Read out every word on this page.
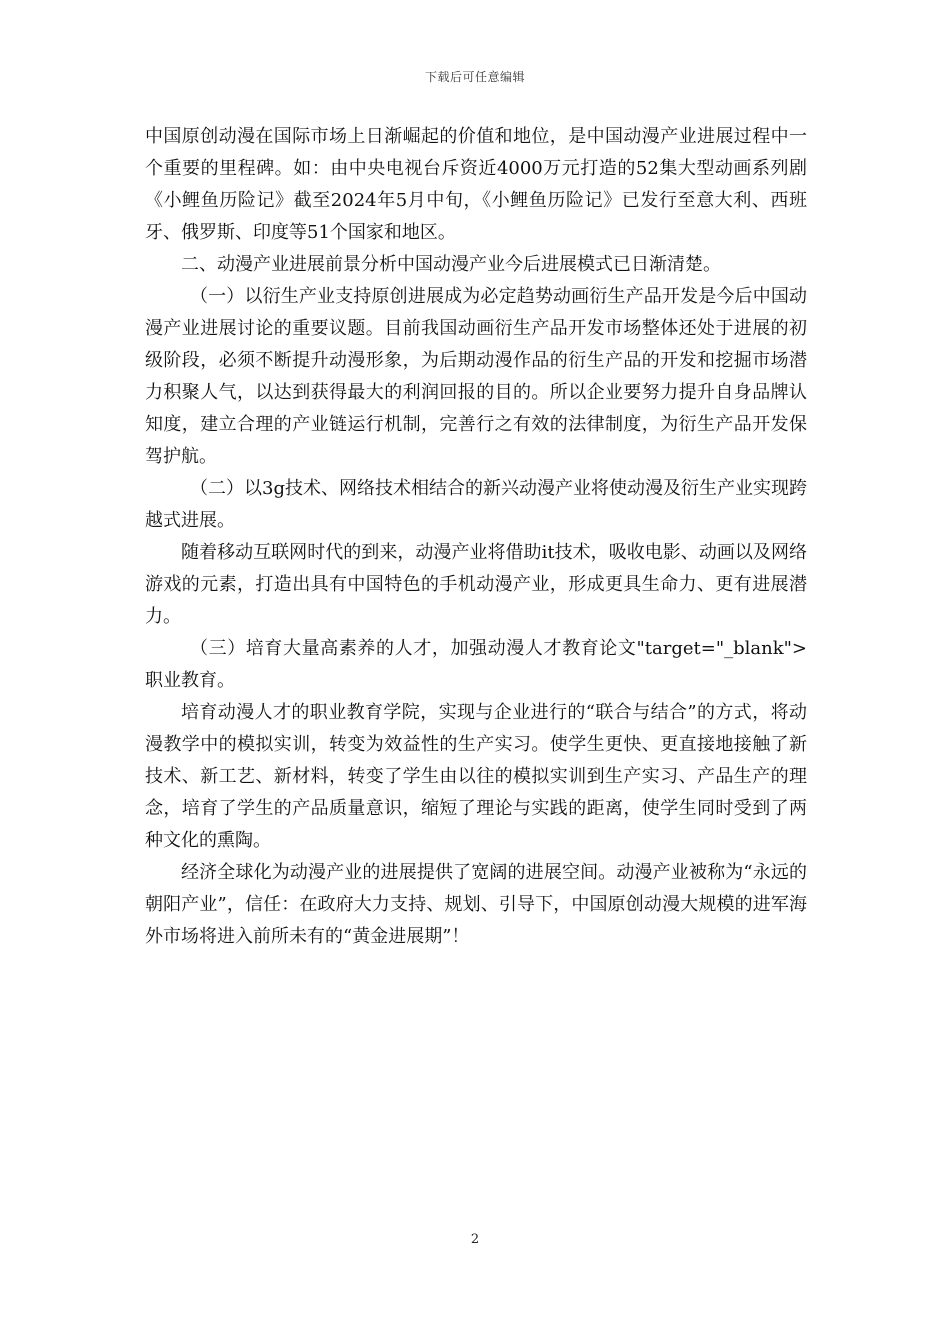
下载后可任意编辑

中国原创动漫在国际市场上日渐崛起的价值和地位，是中国动漫产业进展过程中一个重要的里程碑。如：由中央电视台斥资近4000万元打造的52集大型动画系列剧《小鲤鱼历险记》截至2024年5月中旬，《小鲤鱼历险记》已发行至意大利、西班牙、俄罗斯、印度等51个国家和地区。

二、动漫产业进展前景分析中国动漫产业今后进展模式已日渐清楚。

（一）以衍生产业支持原创进展成为必定趋势动画衍生产品开发是今后中国动漫产业进展讨论的重要议题。目前我国动画衍生产品开发市场整体还处于进展的初级阶段，必须不断提升动漫形象，为后期动漫作品的衍生产品的开发和挖掘市场潜力积聚人气，以达到获得最大的利润回报的目的。所以企业要努力提升自身品牌认知度，建立合理的产业链运行机制，完善行之有效的法律制度，为衍生产品开发保驾护航。

（二）以3g技术、网络技术相结合的新兴动漫产业将使动漫及衍生产业实现跨越式进展。

随着移动互联网时代的到来，动漫产业将借助it技术，吸收电影、动画以及网络游戏的元素，打造出具有中国特色的手机动漫产业，形成更具生命力、更有进展潜力。

（三）培育大量高素养的人才，加强动漫人才教育论文"target="_blank">职业教育。

培育动漫人才的职业教育学院，实现与企业进行的“联合与结合”的方式，将动漫教学中的模拟实训，转变为效益性的生产实习。使学生更快、更直接地接触了新技术、新工艺、新材料，转变了学生由以往的模拟实训到生产实习、产品生产的理念，培育了学生的产品质量意识，缩短了理论与实践的距离，使学生同时受到了两种文化的熏陶。

经济全球化为动漫产业的进展提供了宽阔的进展空间。动漫产业被称为“永远的朝阳产业”，信任：在政府大力支持、规划、引导下，中国原创动漫大规模的进军海外市场将进入前所未有的“黄金进展期”！

2
